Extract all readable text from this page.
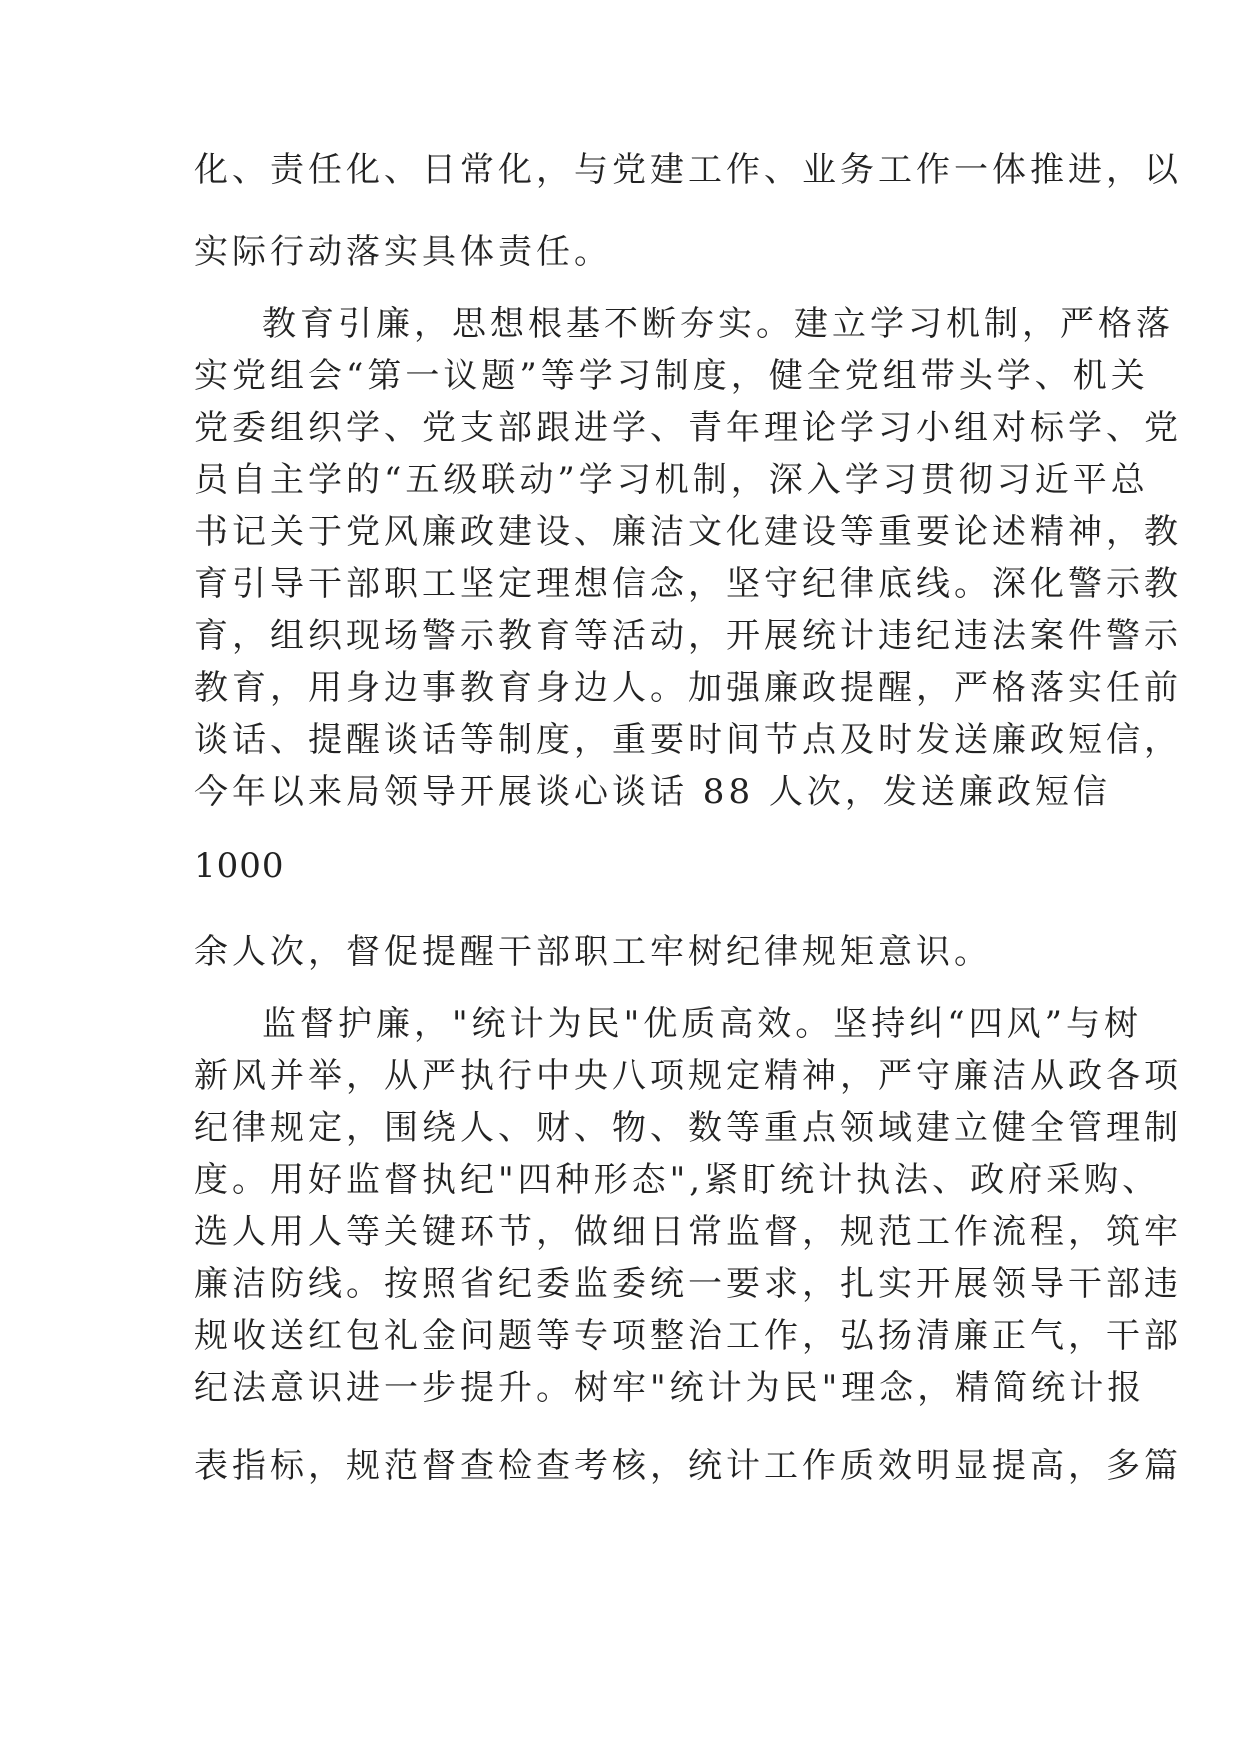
化、责任化、日常化，与党建工作、业务工作一体推进，以
实际行动落实具体责任。
教育引廉，思想根基不断夯实。建立学习机制，严格落
实党组会“第一议题”等学习制度，健全党组带头学、机关
党委组织学、党支部跟进学、青年理论学习小组对标学、党
员自主学的“五级联动”学习机制，深入学习贯彻习近平总
书记关于党风廉政建设、廉洁文化建设等重要论述精神，教
育引导干部职工坚定理想信念，坚守纪律底线。深化警示教
育，组织现场警示教育等活动，开展统计违纪违法案件警示
教育，用身边事教育身边人。加强廉政提醒，严格落实任前
谈话、提醒谈话等制度，重要时间节点及时发送廉政短信，
今年以来局领导开展谈心谈话 88 人次，发送廉政短信
1000
余人次，督促提醒干部职工牢树纪律规矩意识。
监督护廉，"统计为民"优质高效。坚持纠“四风”与树
新风并举，从严执行中央八项规定精神，严守廉洁从政各项
纪律规定，围绕人、财、物、数等重点领域建立健全管理制
度。用好监督执纪"四种形态",紧盯统计执法、政府采购、
选人用人等关键环节，做细日常监督，规范工作流程，筑牢
廉洁防线。按照省纪委监委统一要求，扎实开展领导干部违
规收送红包礼金问题等专项整治工作，弘扬清廉正气，干部
纪法意识进一步提升。树牢"统计为民"理念，精简统计报
表指标，规范督查检查考核，统计工作质效明显提高，多篇
